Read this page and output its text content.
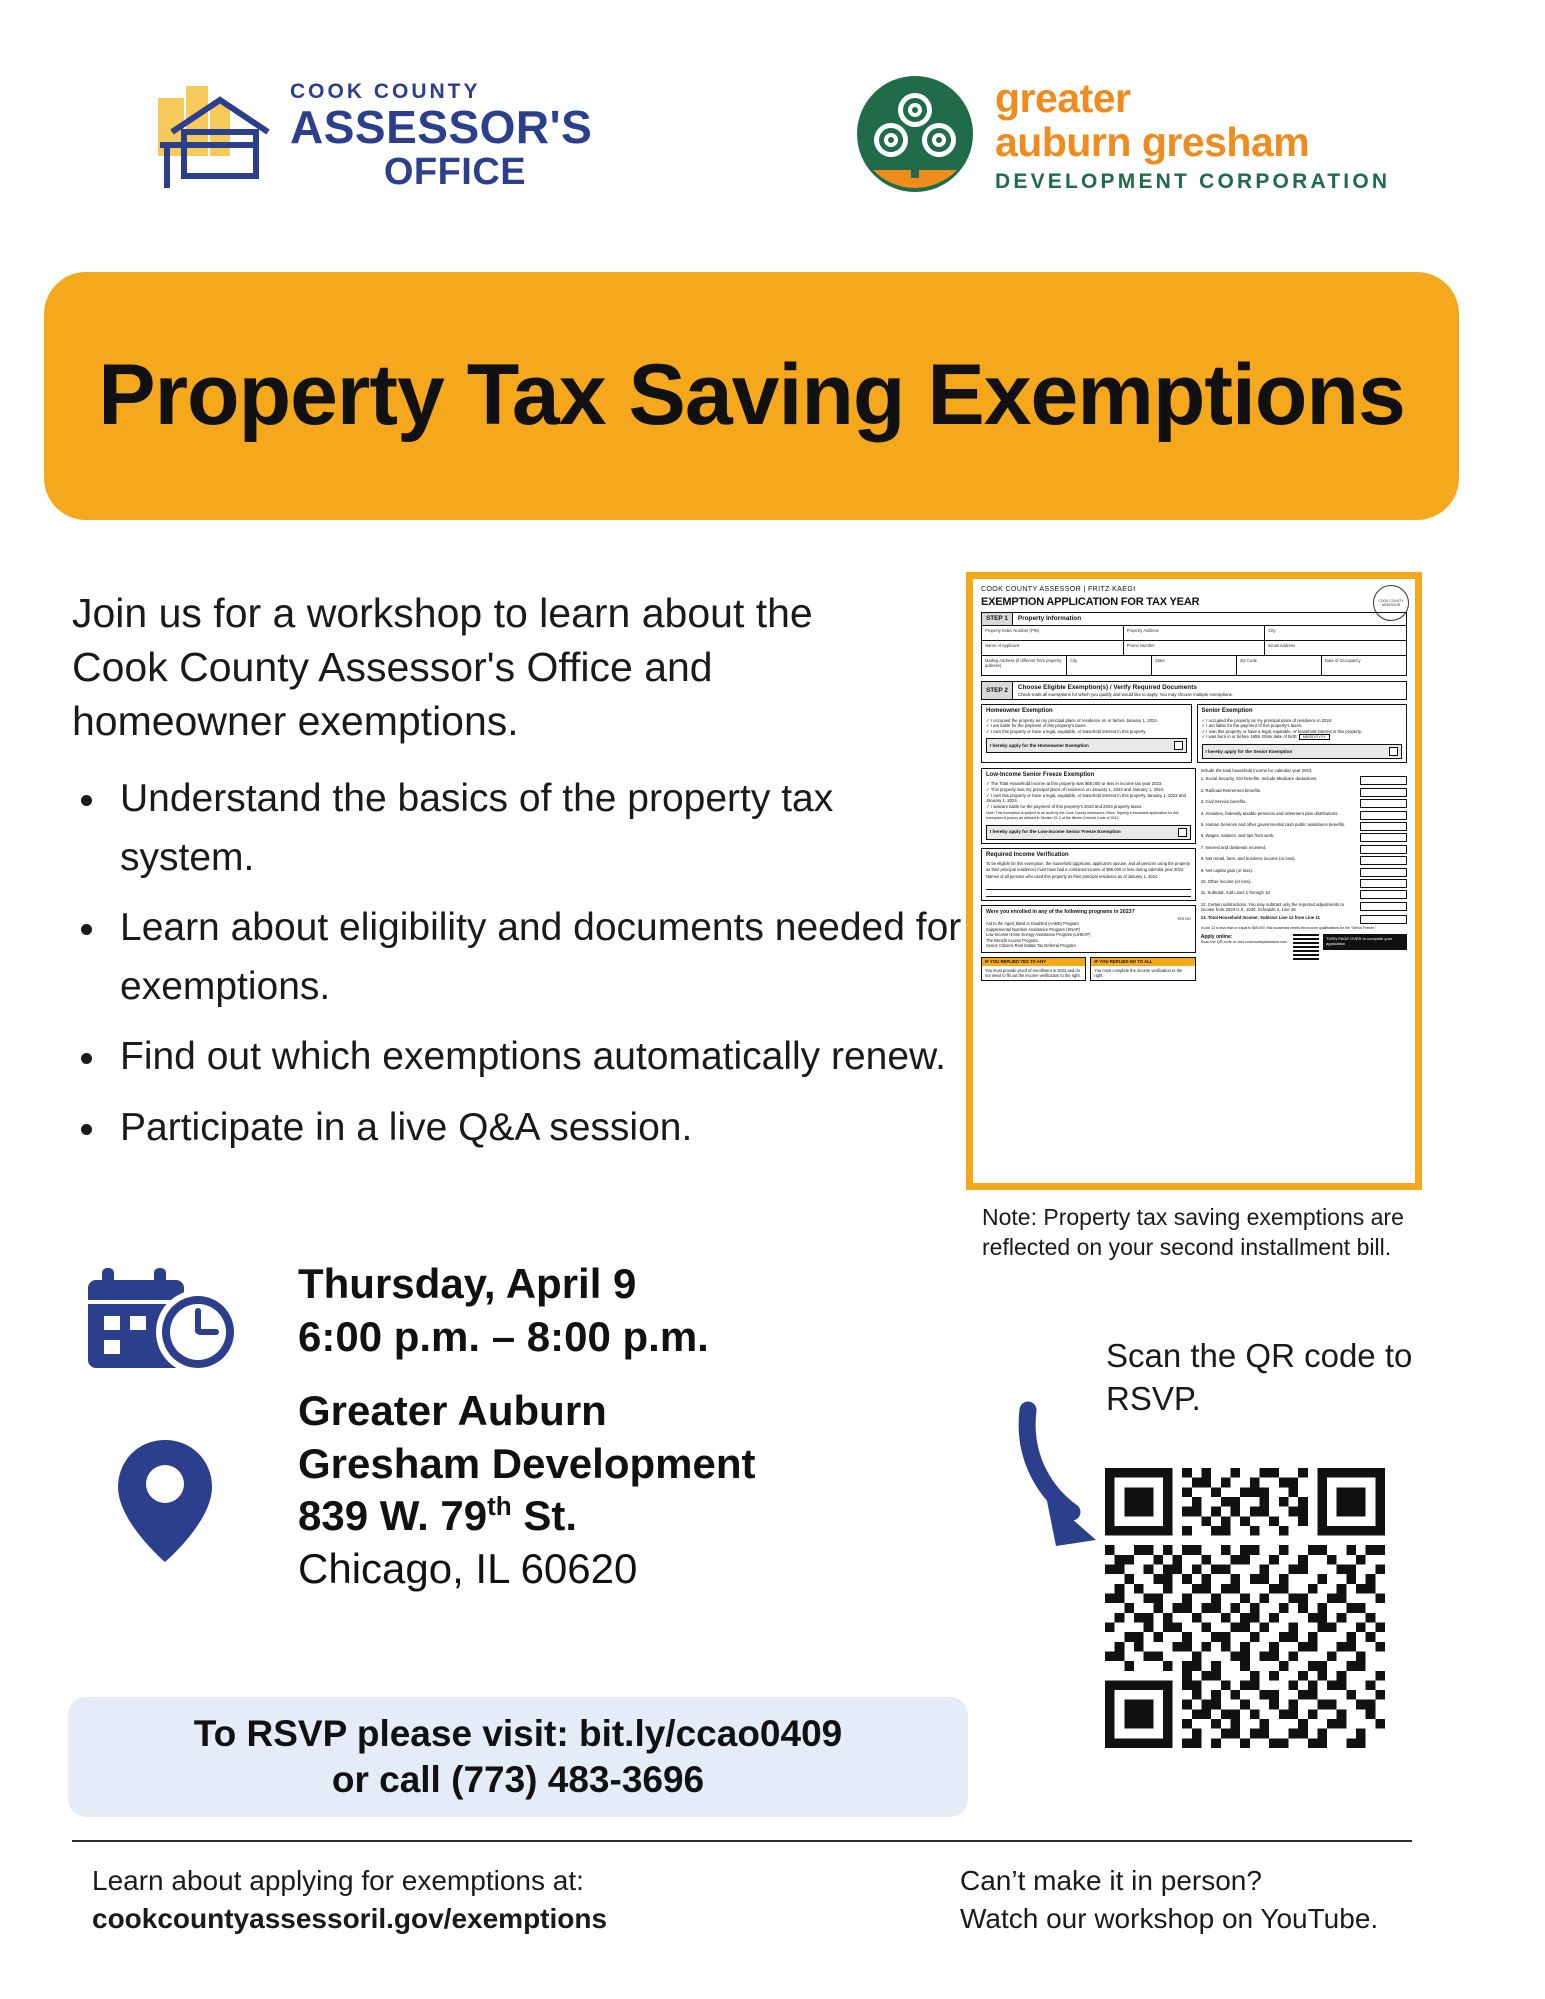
COOK COUNTY
ASSESSOR'S
OFFICE
greater
auburn gresham
DEVELOPMENT CORPORATION
Property Tax Saving Exemptions
Join us for a workshop to learn about the Cook County Assessor's Office and homeowner exemptions.
• Understand the basics of the property tax system.
• Learn about eligibility and documents needed for exemptions.
• Find out which exemptions automatically renew.
• Participate in a live Q&A session.
Thursday, April 9
6:00 p.m. – 8:00 p.m.
Greater Auburn
Gresham Development
839 W. 79th St.
Chicago, IL 60620
To RSVP please visit: bit.ly/ccao0409
or call (773) 483-3696
COOK COUNTY ASSESSOR
COOK COUNTY ASSESSOR | FRITZ KAEGI
EXEMPTION APPLICATION FOR TAX YEAR
STEP 1	Property Information
Property Index Number (PIN)	Property Address	City
Name of Applicant	Phone Number	Email Address
Mailing Address (if different from property address)
City	State	Zip Code	Date of Occupancy
STEP 2	Choose Eligible Exemption(s) / Verify Required Documents
Check-mark all exemptions for which you qualify and would like to apply. You may choose multiple exemptions.
Homeowner Exemption
✓ I occupied the property as my principal place of residence on or before January 1, 2024.
✓ I am liable for the payment of this property's taxes.
✓ I own this property or have a legal, equitable, or leasehold interest in this property.
I hereby apply for the Homeowner Exemption
Senior Exemption
✓ I occupied the property as my principal place of residence in 2024.
✓ I am liable for the payment of this property's taxes.
✓ I own this property or have a legal, equitable, or leasehold interest in this property.
✓ I was born in or before 1959. Enter date of birth: MM/DD/YYYY
I hereby apply for the Senior Exemption
Low-Income Senior Freeze Exemption
✓ The Total Household Income at this property was $65,000 or less in income tax year 2023.
✓ This property was my principal place of residence on January 1, 2023 and January 1, 2024.
✓ I own this property or have a legal, equitable, or leasehold interest in this property January 1, 2023 and January 1, 2024.
✓ I was/am liable for the payment of this property's 2023 and 2024 property taxes.
Note: This exemption is subject to an audit by the Cook County Assessor's Office. Signing a fraudulent application for this exemption is perjury as defined in Section 32-2 of the Illinois Criminal Code of 2012.
I hereby apply for the Low-Income Senior Freeze Exemption
Required Income Verification
To be eligible for this exemption, the household (applicant, applicant's spouse, and all persons using the property as their principal residence) must have had a combined income of $65,000 or less during calendar year 2023.
Names of all persons who used this property as their principal residence as of January 1, 2024.
Were you enrolled in any of the following programs in 2023?
YES NO
Aid to the Aged, Blind or Disabled (AABD) Program
Supplemental Nutrition Assistance Program (SNAP)
Low-Income Home Energy Assistance Program (LIHEAP)
The Benefit Access Program
Senior Citizens Real Estate Tax Deferral Program
IF YOU REPLIED YES TO ANY
You must provide proof of enrollment in 2023 and do not need to fill out the income verification to the right.
IF YOU REPLIED NO TO ALL
You must complete the income verification to the right.
Include the total household income for calendar year 2023.
1. Social Security, SSI benefits. Include Medicare deductions.
2. Railroad Retirement benefits.
3. Civil Service benefits.
4. Annuities, federally taxable pensions and retirement plan distributions.
5. Human Services and other governmental cash public assistance benefits.
6. Wages, salaries, and tips from work.
7. Interest and dividends received.
8. Net rental, farm, and business income (or loss).
9. Net capital gain (or loss).
10. Other income (or loss).
11. Subtotal: Add Lines 1 through 10
12. Certain subtractions. You may subtract only the reported adjustments to income from 2023 U.S. 1040, Schedule 1, Line 26
13. Total Household Income: Subtract Line 12 from Line 11
If Line 13 is less than or equal to $65,000, this household meets the income qualifications for the “Senior Freeze.”
Apply online:
Scan the QR code or visit cookcountyassessor.com
TURN PAGE OVER to complete your application
Note: Property tax saving exemptions are reflected on your second installment bill.
Scan the QR code to RSVP.
Learn about applying for exemptions at:
cookcountyassessoril.gov/exemptions
Can’t make it in person?
Watch our workshop on YouTube.
